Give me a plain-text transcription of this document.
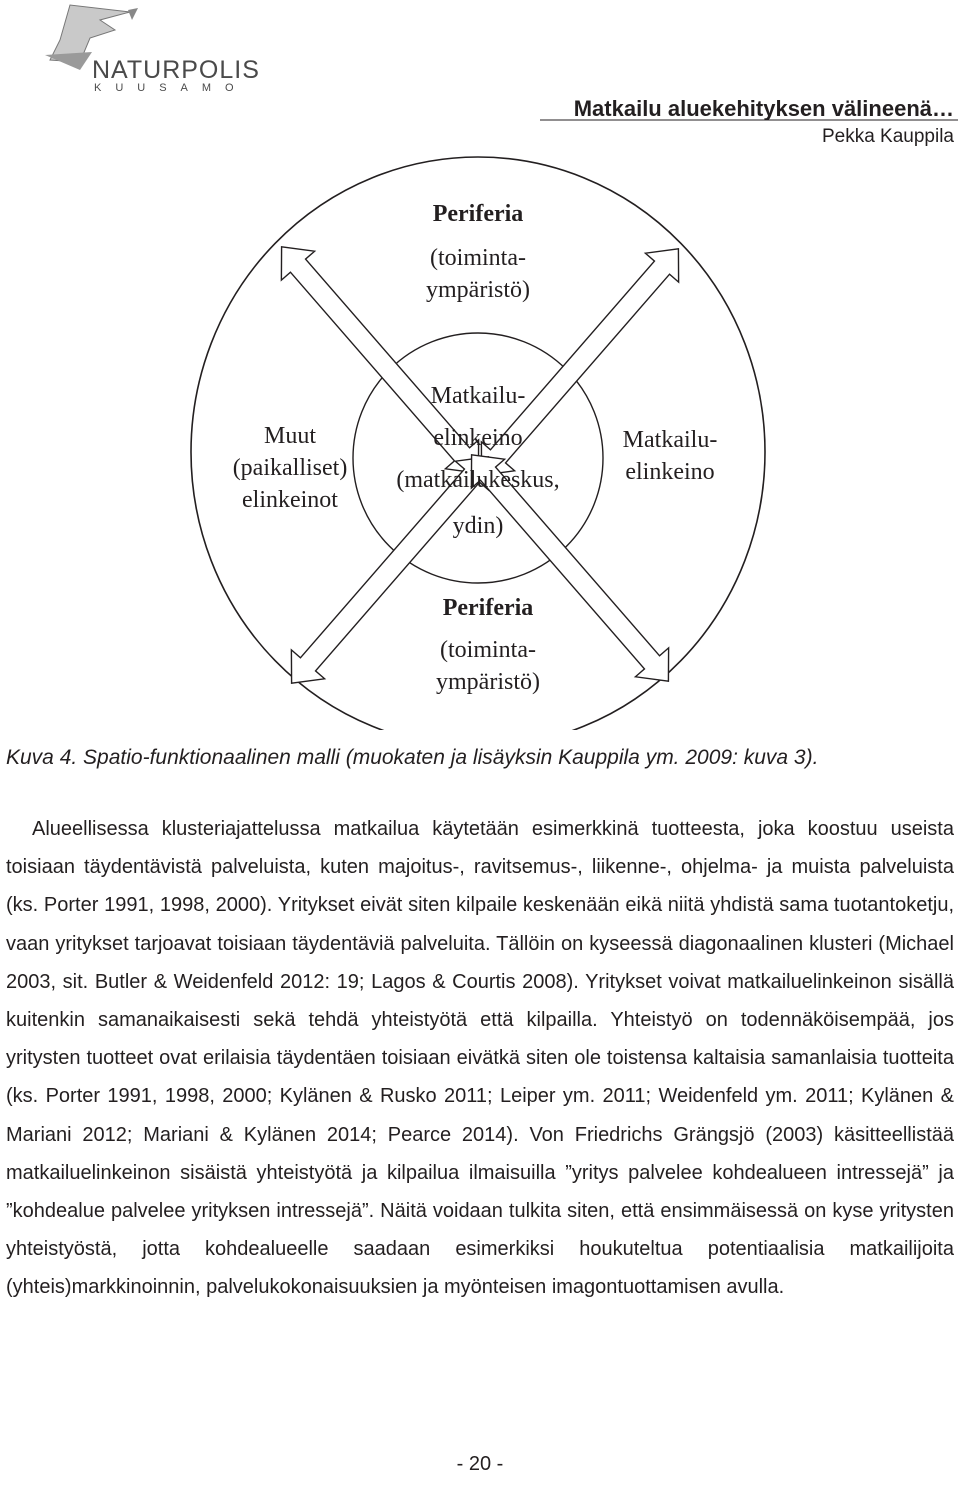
NATURPOLIS
KUUSAMO
Matkailu aluekehityksen välineenä…
Pekka Kauppila
Periferia
(toiminta-
ympäristö)
Matkailu-
elinkeino
(matkailukeskus,
ydin)
Muut
(paikalliset)
elinkeinot
Matkailu-
elinkeino
Periferia
(toiminta-
ympäristö)
Kuva 4. Spatio-funktionaalinen malli (muokaten ja lisäyksin Kauppila ym. 2009: kuva 3).
Alueellisessa klusteriajattelussa matkailua käytetään esimerkkinä tuotteesta, joka koostuu useista toisiaan täydentävistä palveluista, kuten majoitus-, ravitsemus-, liikenne-, ohjelma- ja muista palveluista (ks. Porter 1991, 1998, 2000). Yritykset eivät siten kilpaile keskenään eikä niitä yhdistä sama tuotantoketju, vaan yritykset tarjoavat toisiaan täydentäviä palveluita. Tällöin on kyseessä diagonaalinen klusteri (Michael 2003, sit. Butler & Weidenfeld 2012: 19; Lagos & Courtis 2008). Yritykset voivat matkailuelinkeinon sisällä kuitenkin samanaikaisesti sekä tehdä yhteistyötä että kilpailla. Yhteistyö on todennäköisempää, jos yritysten tuotteet ovat erilaisia täydentäen toisiaan eivätkä siten ole toistensa kaltaisia samanlaisia tuotteita (ks. Porter 1991, 1998, 2000; Kylänen & Rusko 2011; Leiper ym. 2011; Weidenfeld ym. 2011; Kylänen & Mariani 2012; Mariani & Kylänen 2014; Pearce 2014). Von Friedrichs Grängsjö (2003) käsitteellistää matkailuelinkeinon sisäistä yhteistyötä ja kilpailua ilmaisuilla ”yritys palvelee kohdealueen intressejä” ja ”kohdealue palvelee yrityksen intressejä”. Näitä voidaan tulkita siten, että ensimmäisessä on kyse yritysten yhteistyöstä, jotta kohdealueelle saadaan esimerkiksi houkuteltua potentiaalisia matkailijoita (yhteis)markkinoinnin, palvelukokonaisuuksien ja myönteisen imagontuottamisen avulla.
- 20 -
